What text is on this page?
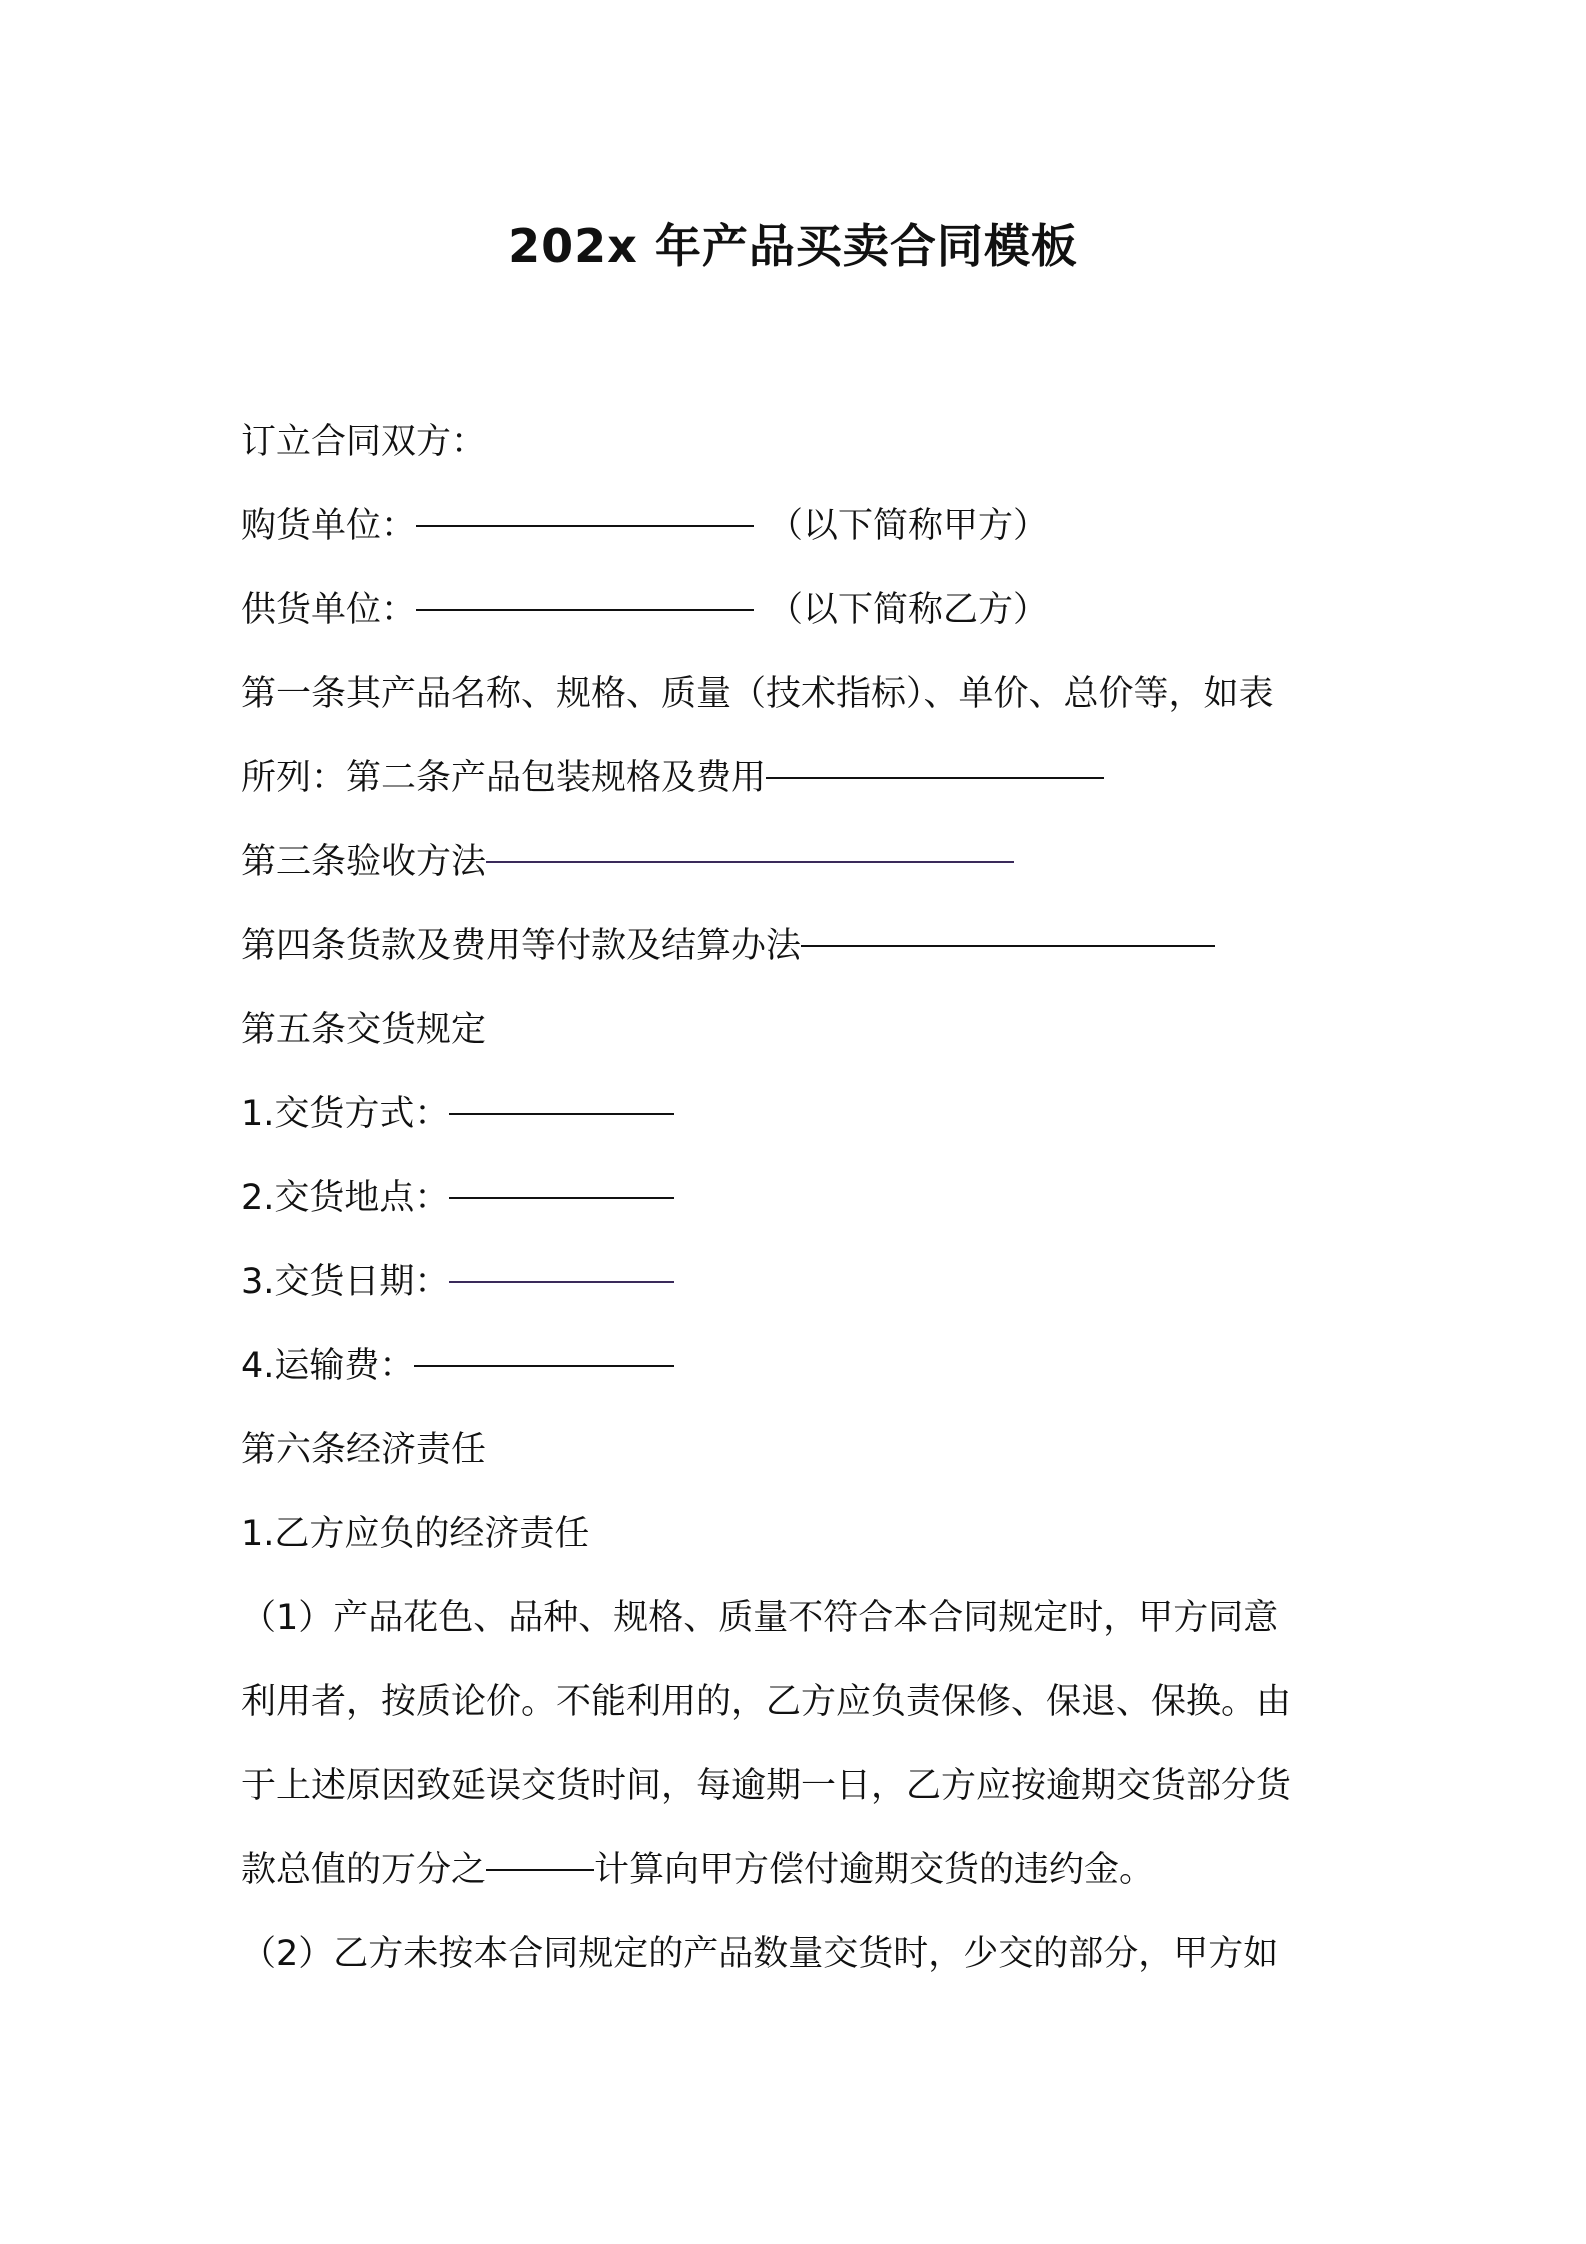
202x 年产品买卖合同模板
订立合同双方：
购货单位：	（以下简称甲方）
供货单位：	（以下简称乙方）
第一条其产品名称、规格、质量（技术指标）、单价、总价等，如表
所列：第二条产品包装规格及费用
第三条验收方法
第四条货款及费用等付款及结算办法
第五条交货规定
1.交货方式：
2.交货地点：
3.交货日期：
4.运输费：
第六条经济责任
1.乙方应负的经济责任
（1）产品花色、品种、规格、质量不符合本合同规定时，甲方同意
利用者，按质论价。不能利用的，乙方应负责保修、保退、保换。由
于上述原因致延误交货时间，每逾期一日，乙方应按逾期交货部分货
款总值的万分之	计算向甲方偿付逾期交货的违约金。
（2）乙方未按本合同规定的产品数量交货时，少交的部分，甲方如
